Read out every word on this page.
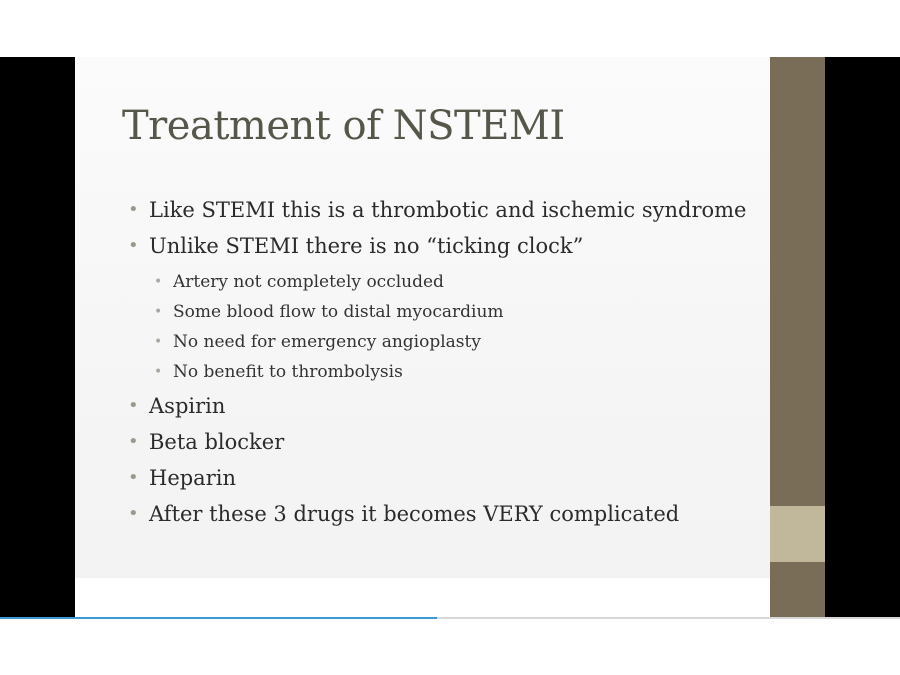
Treatment of NSTEMI
• Like STEMI this is a thrombotic and ischemic syndrome
• Unlike STEMI there is no “ticking clock”
• Artery not completely occluded
• Some blood flow to distal myocardium
• No need for emergency angioplasty
• No benefit to thrombolysis
• Aspirin
• Beta blocker
• Heparin
• After these 3 drugs it becomes VERY complicated
